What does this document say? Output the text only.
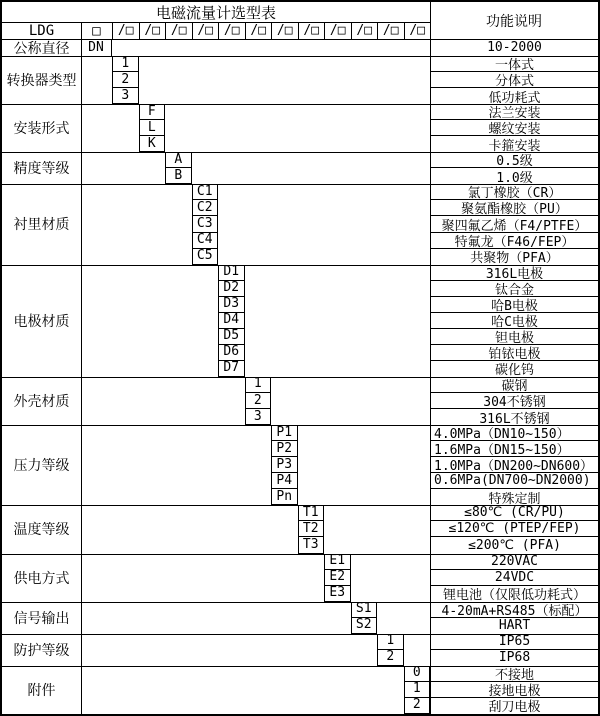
电磁流量计选型表	功能说明
LDG	□	/□ /□ /□ /□ /□ /□ /□ /□ /□ /□ /□ /□
公称直径	DN	10-2000
转换器类型
1	一体式
2	分体式
3	低功耗式
安装形式
F	法兰安装
L	螺纹安装
K	卡箍安装
精度等级
A	0.5级
B	1.0级
衬里材质
C1	氯丁橡胶（CR）
C2	聚氨酯橡胶（PU）
C3	聚四氟乙烯（F4/PTFE）
C4	特氟龙（F46/FEP）
C5	共聚物（PFA）
电极材质
D1	316L电极
D2	钛合金
D3	哈B电极
D4	哈C电极
D5	钽电极
D6	铂铱电极
D7	碳化钨
外壳材质
1	碳钢
2	304不锈钢
3	316L不锈钢
压力等级
P1	4.0MPa（DN10~150）
P2	1.6MPa（DN15~150）
P3	1.0MPa（DN200~DN600）
P4	0.6MPa(DN700~DN2000)
Pn	特殊定制
温度等级
T1	≤80℃ (CR/PU)
T2	≤120℃ (PTEP/FEP)
T3	≤200℃ (PFA)
供电方式
E1	220VAC
E2	24VDC
E3	锂电池（仅限低功耗式）
信号输出
S1	4-20mA+RS485（标配）
S2	HART
防护等级
1	IP65
2	IP68
附件
0	不接地
1	接地电极
2	刮刀电极
